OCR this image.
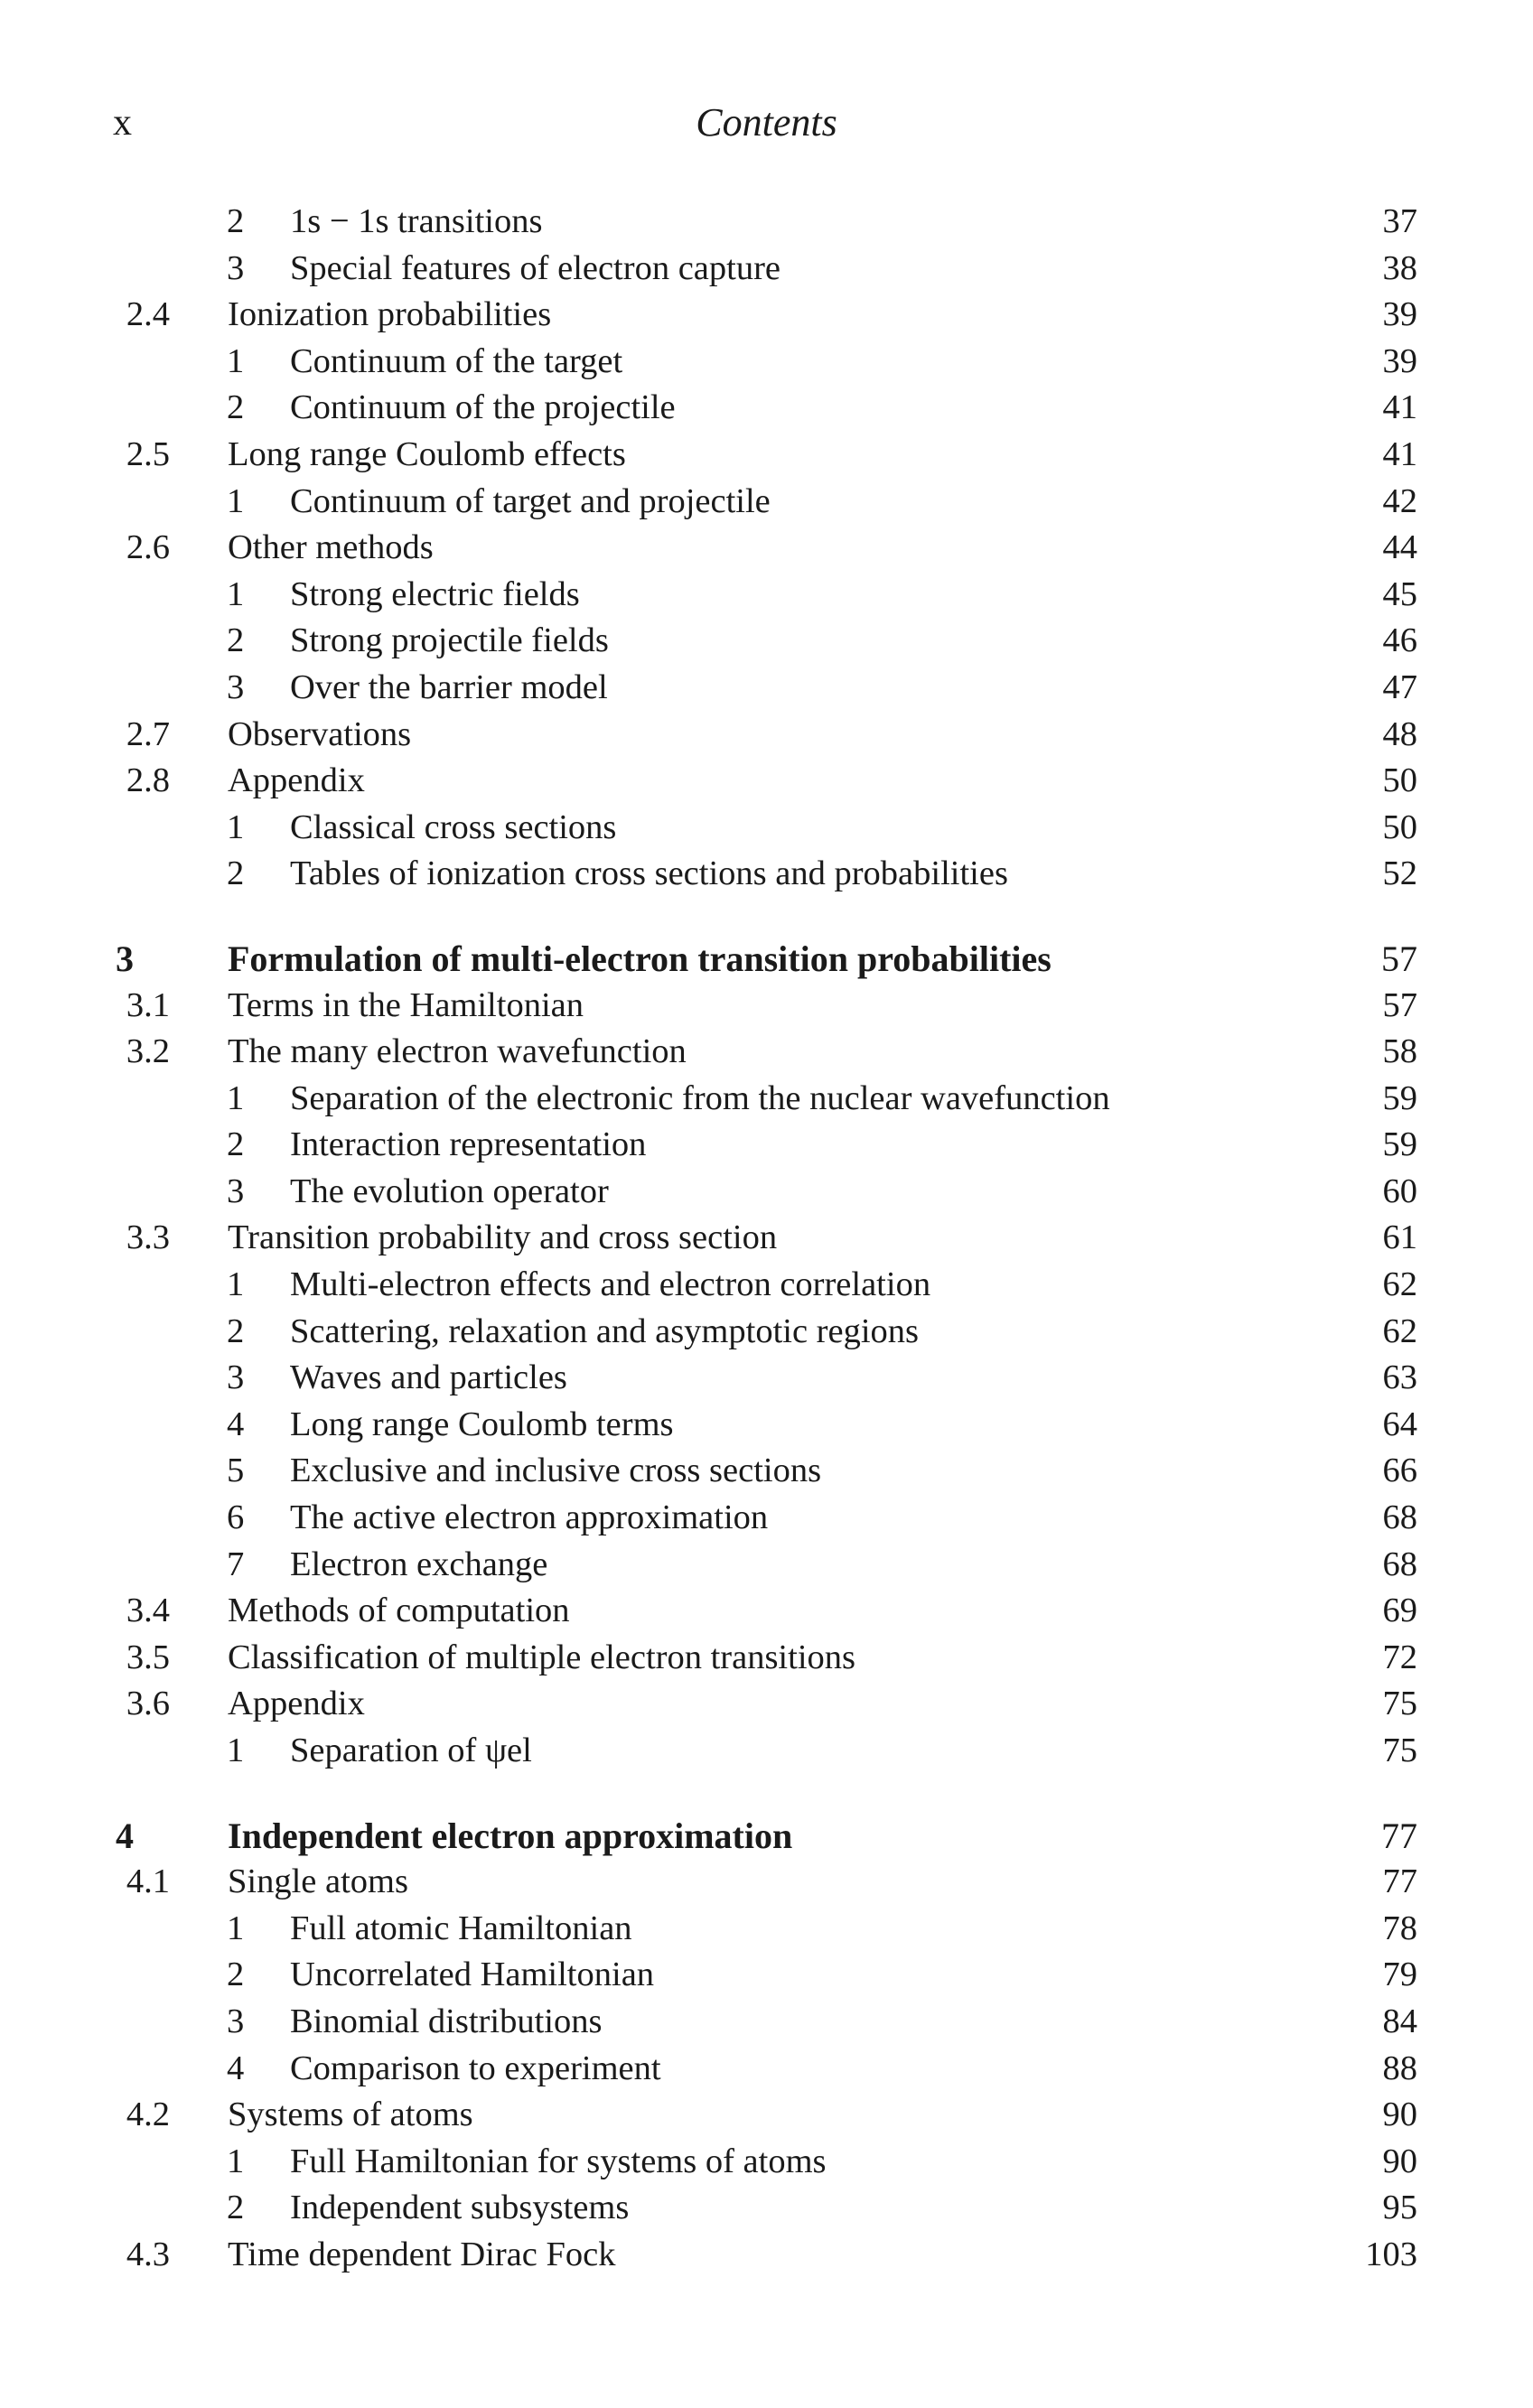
x	Contents
2 1s − 1s transitions	37
3 Special features of electron capture	38
2.4 Ionization probabilities	39
1 Continuum of the target	39
2 Continuum of the projectile	41
2.5 Long range Coulomb effects	41
1 Continuum of target and projectile	42
2.6 Other methods	44
1 Strong electric fields	45
2 Strong projectile fields	46
3 Over the barrier model	47
2.7 Observations	48
2.8 Appendix	50
1 Classical cross sections	50
2 Tables of ionization cross sections and probabilities	52
3	Formulation of multi-electron transition probabilities	57
3.1 Terms in the Hamiltonian	57
3.2 The many electron wavefunction	58
1 Separation of the electronic from the nuclear wavefunction	59
2 Interaction representation	59
3 The evolution operator	60
3.3 Transition probability and cross section	61
1 Multi-electron effects and electron correlation	62
2 Scattering, relaxation and asymptotic regions	62
3 Waves and particles	63
4 Long range Coulomb terms	64
5 Exclusive and inclusive cross sections	66
6 The active electron approximation	68
7 Electron exchange	68
3.4 Methods of computation	69
3.5 Classification of multiple electron transitions	72
3.6 Appendix	75
1 Separation of ψel	75
4	Independent electron approximation	77
4.1 Single atoms	77
1 Full atomic Hamiltonian	78
2 Uncorrelated Hamiltonian	79
3 Binomial distributions	84
4 Comparison to experiment	88
4.2 Systems of atoms	90
1 Full Hamiltonian for systems of atoms	90
2 Independent subsystems	95
4.3 Time dependent Dirac Fock	103
